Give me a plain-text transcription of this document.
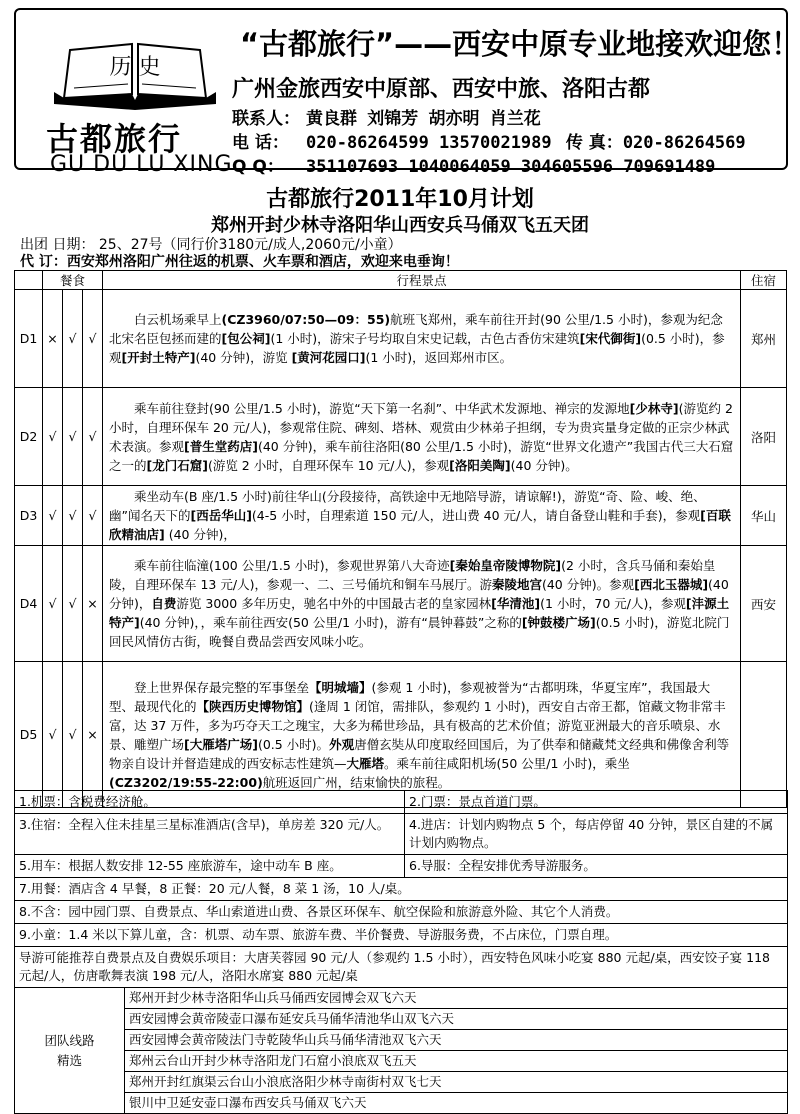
历 史
古都旅行
GU DU LU XING
“古都旅行”——西安中原专业地接欢迎您！
广州金旅西安中原部、西安中旅、洛阳古都
联系人： 黄良群 刘锦芳 胡亦明 肖兰花
电 话： 020-86264599 13570021989 传 真：020-86264569
Q Q： 351107693 1040064059 304605596 709691489
古都旅行2011年10月计划
郑州开封少林寺洛阳华山西安兵马俑双飞五天团
出团 日期： 25、27号（同行价3180元/成人,2060元/小童）
代 订：西安郑州洛阳广州往返的机票、火车票和酒店，欢迎来电垂询！
	餐食			行程景点	住宿
D1	×	√	√	白云机场乘早上(CZ3960/07:50—09：55)航班飞郑州，乘车前往开封(90 公里/1.5 小时)，参观为纪念北宋名臣包拯而建的[包公祠](1 小时)，游宋子号均取自宋史记载，古色古香仿宋建筑[宋代御街](0.5 小时)，参观[开封土特产](40 分钟)，游览 [黄河花园口](1 小时)，返回郑州市区。	郑州
D2	√	√	√	乘车前往登封(90 公里/1.5 小时)，游览“天下第一名刹”、中华武术发源地、禅宗的发源地[少林寺](游览约 2 小时，自理环保车 20 元/人)，参观常住院、碑刻、塔林、观赏由少林弟子担纲，专为贵宾量身定做的正宗少林武术表演。参观[普生堂药店](40 分钟)，乘车前往洛阳(80 公里/1.5 小时)，游览“世界文化遗产”我国古代三大石窟之一的[龙门石窟](游览 2 小时，自理环保车 10 元/人)，参观[洛阳美陶](40 分钟)。	洛阳
D3	√	√	√	乘坐动车(B 座/1.5 小时)前往华山(分段接待，高铁途中无地陪导游，请谅解!)，游览“奇、险、峻、绝、幽”闻名天下的[西岳华山](4-5 小时，自理索道 150 元/人，进山费 40 元/人，请自备登山鞋和手套)，参观[百联欣精油店] (40 分钟)，	华山
D4	√	√	×	乘车前往临潼(100 公里/1.5 小时)，参观世界第八大奇迹[秦始皇帝陵博物院](2 小时，含兵马俑和秦始皇陵，自理环保车 13 元/人)，参观一、二、三号俑坑和铜车马展厅。游秦陵地宫(40 分钟)。参观[西北玉器城](40 分钟)，自费游览 3000 多年历史，驰名中外的中国最古老的皇家园林[华清池](1 小时，70 元/人)，参观[沣源土特产](40 分钟)，，乘车前往西安(50 公里/1 小时)，游有“晨钟暮鼓”之称的[钟鼓楼广场](0.5 小时)，游览北院门回民风情仿古街，晚餐自费品尝西安风味小吃。	西安
D5	√	√	×	登上世界保存最完整的军事堡垒【明城墙】(参观 1 小时)，参观被誉为“古都明珠，华夏宝库”，我国最大型、最现代化的【陕西历史博物馆】(逢周 1 闭馆，需排队，参观约 1 小时)，西安自古帝王都，馆藏文物非常丰富，达 37 万件，多为巧夺天工之瑰宝，大多为稀世珍品，具有极高的艺术价值；游览亚洲最大的音乐喷泉、水景、雕塑广场[大雁塔广场](0.5 小时)。外观唐僧玄奘从印度取经回国后，为了供奉和储藏梵文经典和佛像舍利等物亲自设计并督造建成的西安标志性建筑—大雁塔。乘车前往咸阳机场(50 公里/1 小时)，乘坐 (CZ3202/19:55-22:00)航班返回广州，结束愉快的旅程。	
1.机票：含税费经济舱。		2.门票：景点首道门票。
3.住宿：全程入住未挂星三星标准酒店(含早)，单房差 320 元/人。		4.进店：计划内购物点 5 个，每店停留 40 分钟，景区自建的不属计划内购物点。
5.用车：根据人数安排 12-55 座旅游车，途中动车 B 座。		6.导服：全程安排优秀导游服务。
7.用餐：酒店含 4 早餐，8 正餐：20 元/人餐，8 菜 1 汤，10 人/桌。		
8.不含：园中园门票、自费景点、华山索道进山费、各景区环保车、航空保险和旅游意外险、其它个人消费。		
9.小童：1.4 米以下算儿童，含：机票、动车票、旅游车费、半价餐费、导游服务费，不占床位，门票自理。		
导游可能推荐自费景点及自费娱乐项目：大唐芙蓉园 90 元/人（参观约 1.5 小时），西安特色风味小吃宴 880 元起/桌，西安饺子宴 118 元起/人，仿唐歌舞表演 198 元/人，洛阳水席宴 880 元起/桌		
团队线路
精选	郑州开封少林寺洛阳华山兵马俑西安园博会双飞六天	
	西安园博会黄帝陵壶口瀑布延安兵马俑华清池华山双飞六天	
	西安园博会黄帝陵法门寺乾陵华山兵马俑华清池双飞六天	
	郑州云台山开封少林寺洛阳龙门石窟小浪底双飞五天	
	郑州开封红旗渠云台山小浪底洛阳少林寺南街村双飞七天	
	银川中卫延安壶口瀑布西安兵马俑双飞六天	
